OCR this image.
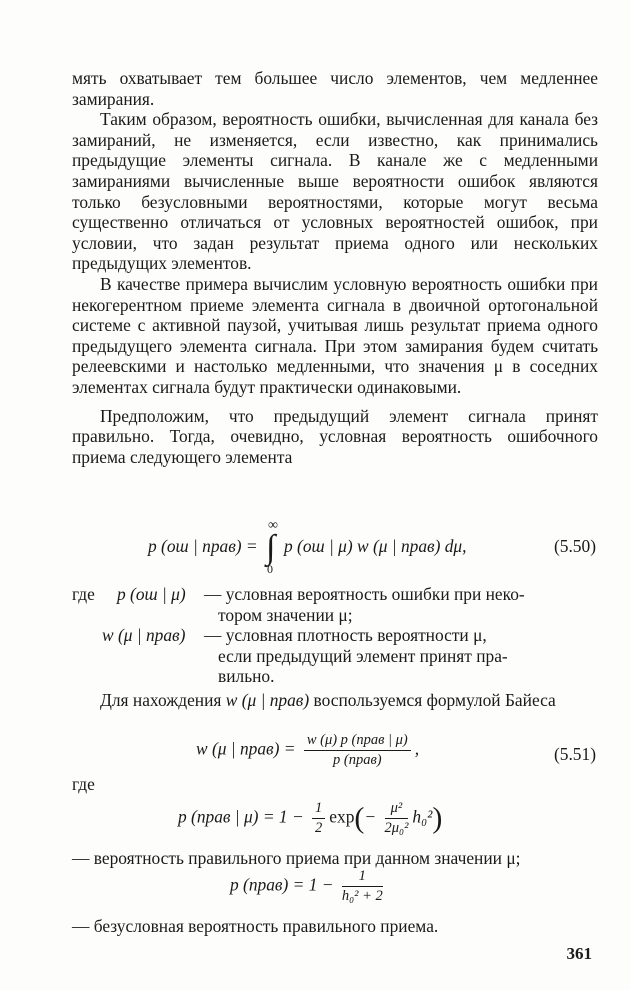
мять охватывает тем большее число элементов, чем медленнее замирания.

Таким образом, вероятность ошибки, вычисленная для канала без замираний, не изменяется, если известно, как принимались предыдущие элементы сигнала. В канале же с медленными замираниями вычисленные выше вероятности ошибок являются только безусловными вероятностями, которые могут весьма существенно отличаться от условных вероятностей ошибок, при условии, что задан результат приема одного или нескольких предыдущих элементов.

В качестве примера вычислим условную вероятность ошибки при некогерентном приеме элемента сигнала в двоичной ортогональной системе с активной паузой, учитывая лишь результат приема одного предыдущего элемента сигнала. При этом замирания будем считать релеевскими и настолько медленными, что значения μ в соседних элементах сигнала будут практически одинаковыми.

Предположим, что предыдущий элемент сигнала принят правильно. Тогда, очевидно, условная вероятность ошибочного приема следующего элемента

p (ош | прав) = ∫
∞
0
p (ош | μ) w (μ | прав) dμ,	(5.50)
где p (ош | μ) — условная вероятность ошибки при неко-
тором значении μ;
w (μ | прав) — условная плотность вероятности μ,
если предыдущий элемент принят пра-
вильно.

Для нахождения w (μ | прав) воспользуемся формулой Байеса

w (μ | прав) = $\frac{\text{w (μ) p (прав | μ)}}{\text{p (прав)}}$ ,	(5.51)
где
p (прав | $\mu) = 1 - \frac{1}{2} \exp(- \frac{\text{μ²}}{\text{2μ₀²}} h_0^2)$
— вероятность правильного приема при данном значении μ;
p (прав) = $1 - \frac{1}{\text{h₀² + 2}}$
— безусловная вероятность правильного приема.
361
